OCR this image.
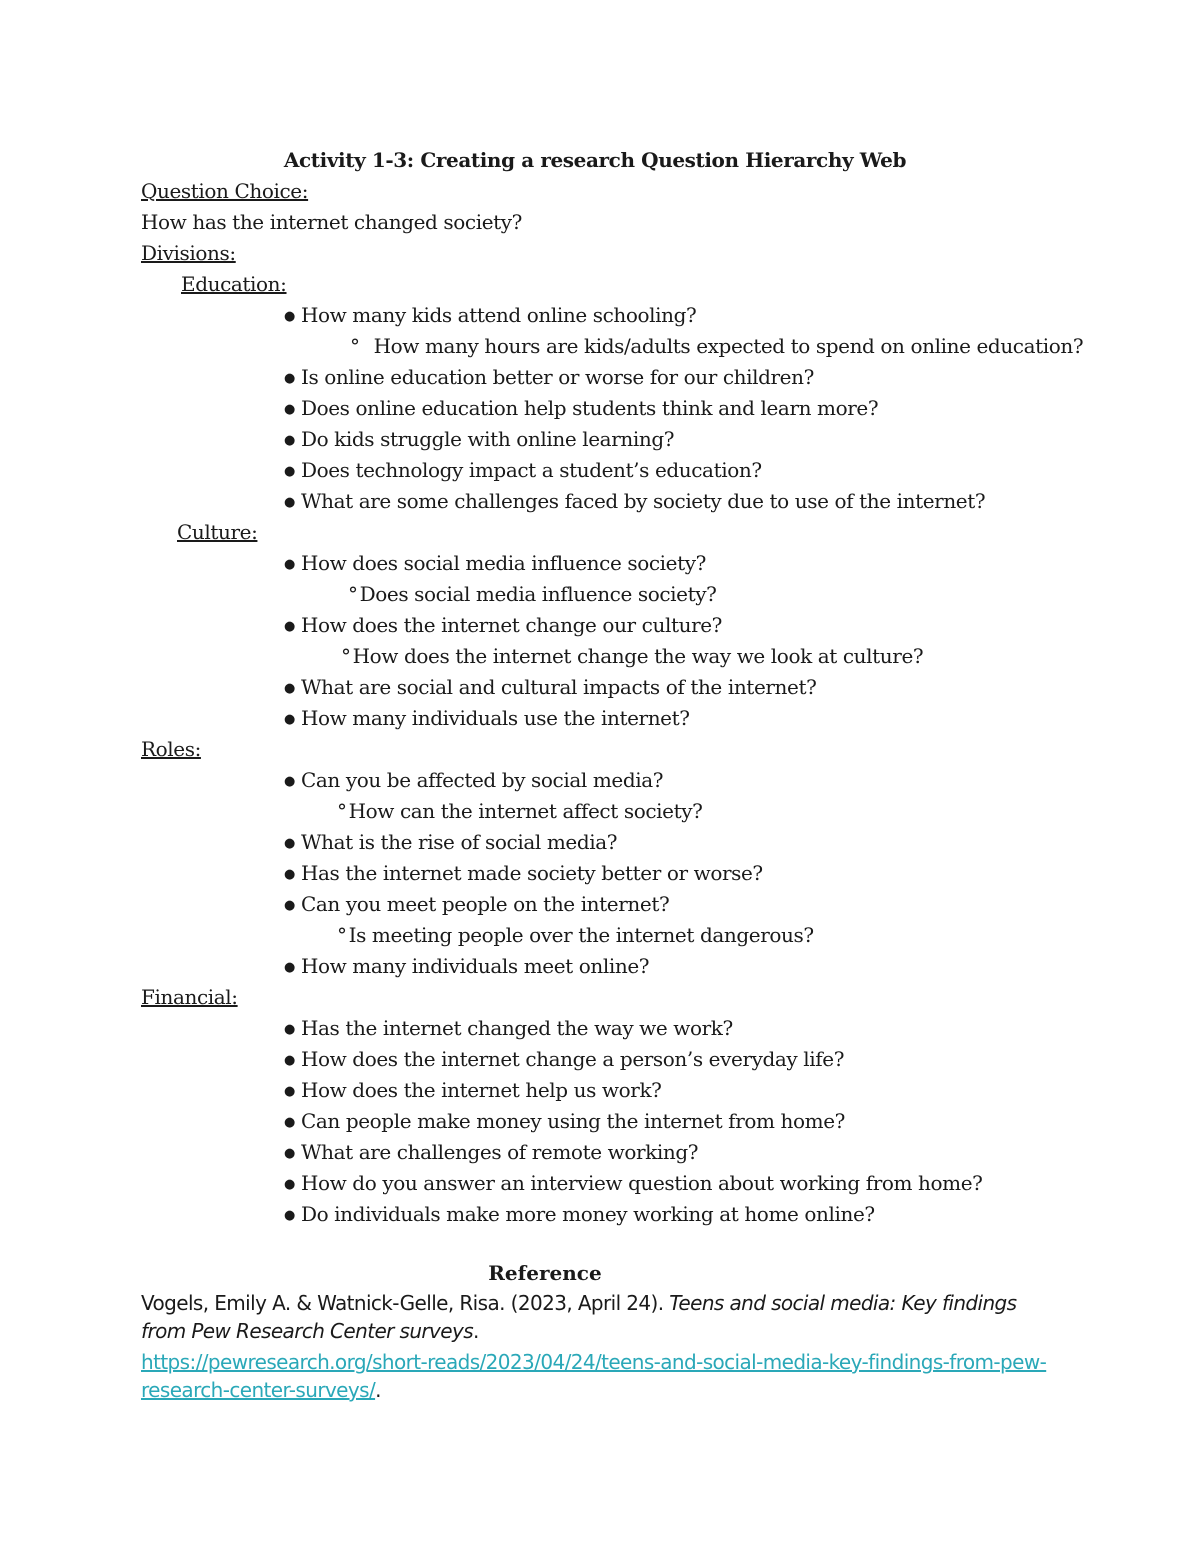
Activity 1-3: Creating a research Question Hierarchy Web
Question Choice:
How has the internet changed society?
Divisions:
Education:
● How many kids attend online schooling?
° How many hours are kids/adults expected to spend on online education?
● Is online education better or worse for our children?
● Does online education help students think and learn more?
● Do kids struggle with online learning?
● Does technology impact a student’s education?
● What are some challenges faced by society due to use of the internet?
Culture:
● How does social media influence society?
° Does social media influence society?
● How does the internet change our culture?
° How does the internet change the way we look at culture?
● What are social and cultural impacts of the internet?
● How many individuals use the internet?
Roles:
● Can you be affected by social media?
° How can the internet affect society?
● What is the rise of social media?
● Has the internet made society better or worse?
● Can you meet people on the internet?
° Is meeting people over the internet dangerous?
● How many individuals meet online?
Financial:
● Has the internet changed the way we work?
● How does the internet change a person’s everyday life?
● How does the internet help us work?
● Can people make money using the internet from home?
● What are challenges of remote working?
● How do you answer an interview question about working from home?
● Do individuals make more money working at home online?
Reference
Vogels, Emily A. & Watnick-Gelle, Risa. (2023, April 24). Teens and social media: Key findings from Pew Research Center surveys.
https://pewresearch.org/short-reads/2023/04/24/teens-and-social-media-key-findings-from-pew-research-center-surveys/.
